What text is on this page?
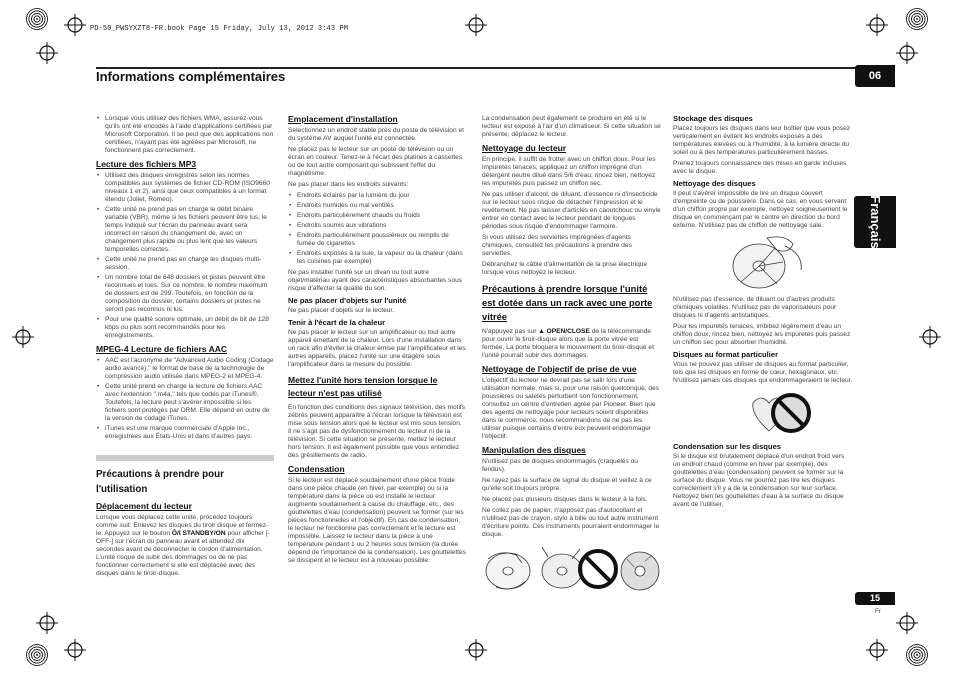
PD-50_PWSYXZT8-FR.book Page 15 Friday, July 13, 2012 3:43 PM
Informations complémentaires	06
Français
• Lorsque vous utilisez des fichiers WMA, assurez-vous qu'ils ont été encodés à l'aide d'applications certifiées par Microsoft Corporation. Il se peut que des applications non certifiées, n'ayant pas été agréées par Microsoft, ne fonctionnent pas correctement.
Lecture des fichiers MP3
• Utilisez des disques enregistrés selon les normes compatibles aux systèmes de fichier CD-ROM (ISO9660 niveaux 1 et 2), ainsi que ceux compatibles à un format étendu (Joliet, Romeo).
• Cette unité ne prend pas en charge le débit binaire variable (VBR); même si les fichiers peuvent être lus, le temps indiqué sur l'écran du panneau avant sera incorrect en raison du changement de, avec un changement plus rapide ou plus lent que les valeurs temporelles correctes.
• Cette unité ne prend pas en charge les disques multi-session.
• Un nombre total de 648 dossiers et pistes peuvent être reconnues et lues. Sur ce nombre, le nombre maximum de dossiers est de 299. Toutefois, en fonction de la composition du dossier, certains dossiers et pistes ne seront pas reconnus ni lus.
• Pour une qualité sonore optimale, un débit de bit de 128 kbps ou plus sont recommandés pour les enregistrements.
MPEG-4 Lecture de fichiers AAC
• AAC est l'acronyme de "Advanced Audio Coding (Codage audio avancé)," le format de base de la technologie de compression audio utilisée dans MPEG-2 et MPEG-4.
• Cette unité prend en charge la lecture de fichiers AAC avec l'extension ".m4a," tels que codés par iTunes®. Toutefois, la lecture peut s'avérer impossible si les fichiers sont protégés par DRM. Elle dépend en outre de la version de codage iTunes.
• iTunes est une marque commerciale d'Apple Inc., enregistrées aux États-Unis et dans d'autres pays.
Précautions à prendre pour l'utilisation
Déplacement du lecteur

Lorsque vous déplacez cette unité, procédez toujours comme suit: Enlevez les disques du tiroir disque et fermez-le. Appuyez sur le bouton Ô/I STANDBY/ON pour afficher [-OFF-] sur l'écran du panneau avant et attendez dix secondes avant de déconnecter le cordon d'alimentation. L'unité risque de subir des dommages ou de ne pas fonctionner correctement si elle est déplacée avec des disques dans le tiroir-disque.

Emplacement d'installation

Sélectionnez un endroit stable près du poste de télévision et du système AV auquel l'unité est connectée.

Ne placez pas le lecteur sur un poste de télévision ou un écran en couleur. Tenez-le à l'écart des platines à cassettes ou de tout autre composant qui subissent l'effet du magnétisme.

Ne pas placer dans les endroits suivants:

• Endroits éclairés par la lumière du jour
• Endroits humides ou mal ventilés
• Endroits particulièrement chauds ou froids
• Endroits soumis aux vibrations
• Endroits particulièrement poussiéreux ou remplis de fumée de cigarettes
• Endroits exposés à la suie, la vapeur ou la chaleur (dans les cuisines par exemple)

Ne pas installer l'unité sur un divan ou tout autre objet/matériau ayant des caractéristiques absorbantes sous risque d'affecter la qualité du son.

Ne pas placer d'objets sur l'unité

Ne pas placer d'objets sur le lecteur.

Tenir à l'écart de la chaleur

Ne pas placer le lecteur sur un amplificateur ou tout autre appareil émettant de la chaleur. Lors d'une installation dans un rack afin d'éviter la chaleur émise par l'amplificateur et les autres appareils, placez l'unité sur une étagère sous l'amplificateur dans la mesure du possible.

Mettez l'unité hors tension lorsque le lecteur n'est pas utilisé

En fonction des conditions des signaux télévision, des motifs zébrés peuvent apparaître à l'écran lorsque la télévision est mise sous tension alors que le lecteur est mis sous tension. Il ne s'agit pas de dysfonctionnement du lecteur ni de la télévision. Si cette situation se présente, mettez le lecteur hors tension. Il est également possible que vous entendiez des grésillements de radio.

Condensation

Si le lecteur est déplacé soudainement d'une pièce froide dans une pièce chaude (en hiver, par exemple) ou si la température dans la pièce où est installé le lecteur augmente soudainement à cause du chauffage, etc., des gouttelettes d'eau (condensation) peuvent se former (sur les pièces fonctionnelles et l'objectif). En cas de condensation, le lecteur ne fonctionne pas correctement et le lecture est impossible. Laissez le lecteur dans la pièce à une température pendant 1 ou 2 heures sous tension (la durée dépend de l'importance de la condensation). Les gouttelettes se dissipent et le lecteur est à nouveau possible.

La condensation peut également se produire en été si le lecteur est exposé à l'air d'un climatiseur. Si cette situation se présente, déplacez le lecteur.

Nettoyage du lecteur

En principe, il suffit de frotter avec un chiffon doux. Pour les impuretés tenaces, appliquez un chiffon imprégné d'un détergent neutre dilué dans 5/6 d'eau, rincez bien, nettoyez les impuretés puis passez un chiffon sec.

Ne pas utiliser d'alcool, de diluant, d'essence ni d'insecticide sur le lecteur sous risque de détacher l'impression et le revêtement. Ne pas laisser d'articles en caoutchouc ou vinyle entrer en contact avec le lecteur pendant de longues périodes sous risque d'endommager l'armoire.

Si vous utilisez des serviettes imprégnées d'agents chimiques, consultez les précautions à prendre des serviettes.

Débranchez le câble d'alimentation de la prise électrique lorsque vous nettoyez le lecteur.

Précautions à prendre lorsque l'unité est dotée dans un rack avec une porte vitrée

N'appuyez pas sur ▲ OPEN/CLOSE de la télécommande pour ouvrir le tiroir-disque alors que la porte vitrée est fermée. La porte bloquera le mouvement du tiroir-disque et l'unité pourrait subir des dommages.

Nettoyage de l'objectif de prise de vue

L'objectif du lecteur ne devrait pas se salir lors d'une utilisation normale, mais si, pour une raison quelconque, des poussières ou saletés perturbent son fonctionnement, consultez un centre d'entretien agréé par Pioneer. Bien que des agents de nettoyage pour lecteurs soient disponibles dans le commerce, nous recommandons de ne pas les utiliser puisque certains d'entre eux peuvent endommager l'objectif.

Manipulation des disques

N'utilisez pas de disques endommagés (craquelés ou fendus).

Ne rayez pas la surface de signal du disque et veillez à ce qu'elle soit toujours propre.

Ne placez pas plusieurs disques dans le lecteur à la fois.

Ne collez pas de papier, n'apposez pas d'autocollant et n'utilisez pas de crayon, stylo à bille ou tout autre instrument d'écriture pointu. Ces instruments pourraient endommager le disque.

Stockage des disques

Placez toujours les disques dans leur boîtier que vous posez verticalement en évitant les endroits exposés à des températures élevées ou à l'humidité, à la lumière directe du soleil ou à des températures particulièrement basses.

Prenez toujours connaissance des mises en garde incluses avec le disque.

Nettoyage des disques

Il peut s'avérer impossible de lire un disque couvert d'empreinte ou de poussière. Dans ce cas, en vous servant d'un chiffon propre par exemple, nettoyez soigneusement le disque en commençant par le centre en direction du bord externe. N'utilisez pas de chiffon de nettoyage sale.

N'utilisez pas d'essence, de diluant ou d'autres produits chimiques volatiles. N'utilisez pas de vaporisateurs pour disques ni d'agents antistatiques.

Pour les impuretés tenaces, imbibez légèrement d'eau un chiffon doux, rincez bien, nettoyez les impuretés puis passez un chiffon sec pour absorber l'humidité.

Disques au format particulier

Vous ne pouvez pas utiliser de disques au format particulier, tels que les disques en forme de cœur, hexagonaux, etc. N'utilisez jamais ces disques qui endommageraient le lecteur.

Condensation sur les disques

Si le disque est brutalement déplacé d'un endroit froid vers un endroit chaud (comme en hiver par exemple), des gouttelettes d'eau (condensation) peuvent se former sur la surface du disque. Vous ne pourrez pas lire les disques correctement s'il y a de la condensation sur leur surface. Nettoyez bien les gouttelettes d'eau à la surface du disque avant de l'utiliser.

15
Fr
